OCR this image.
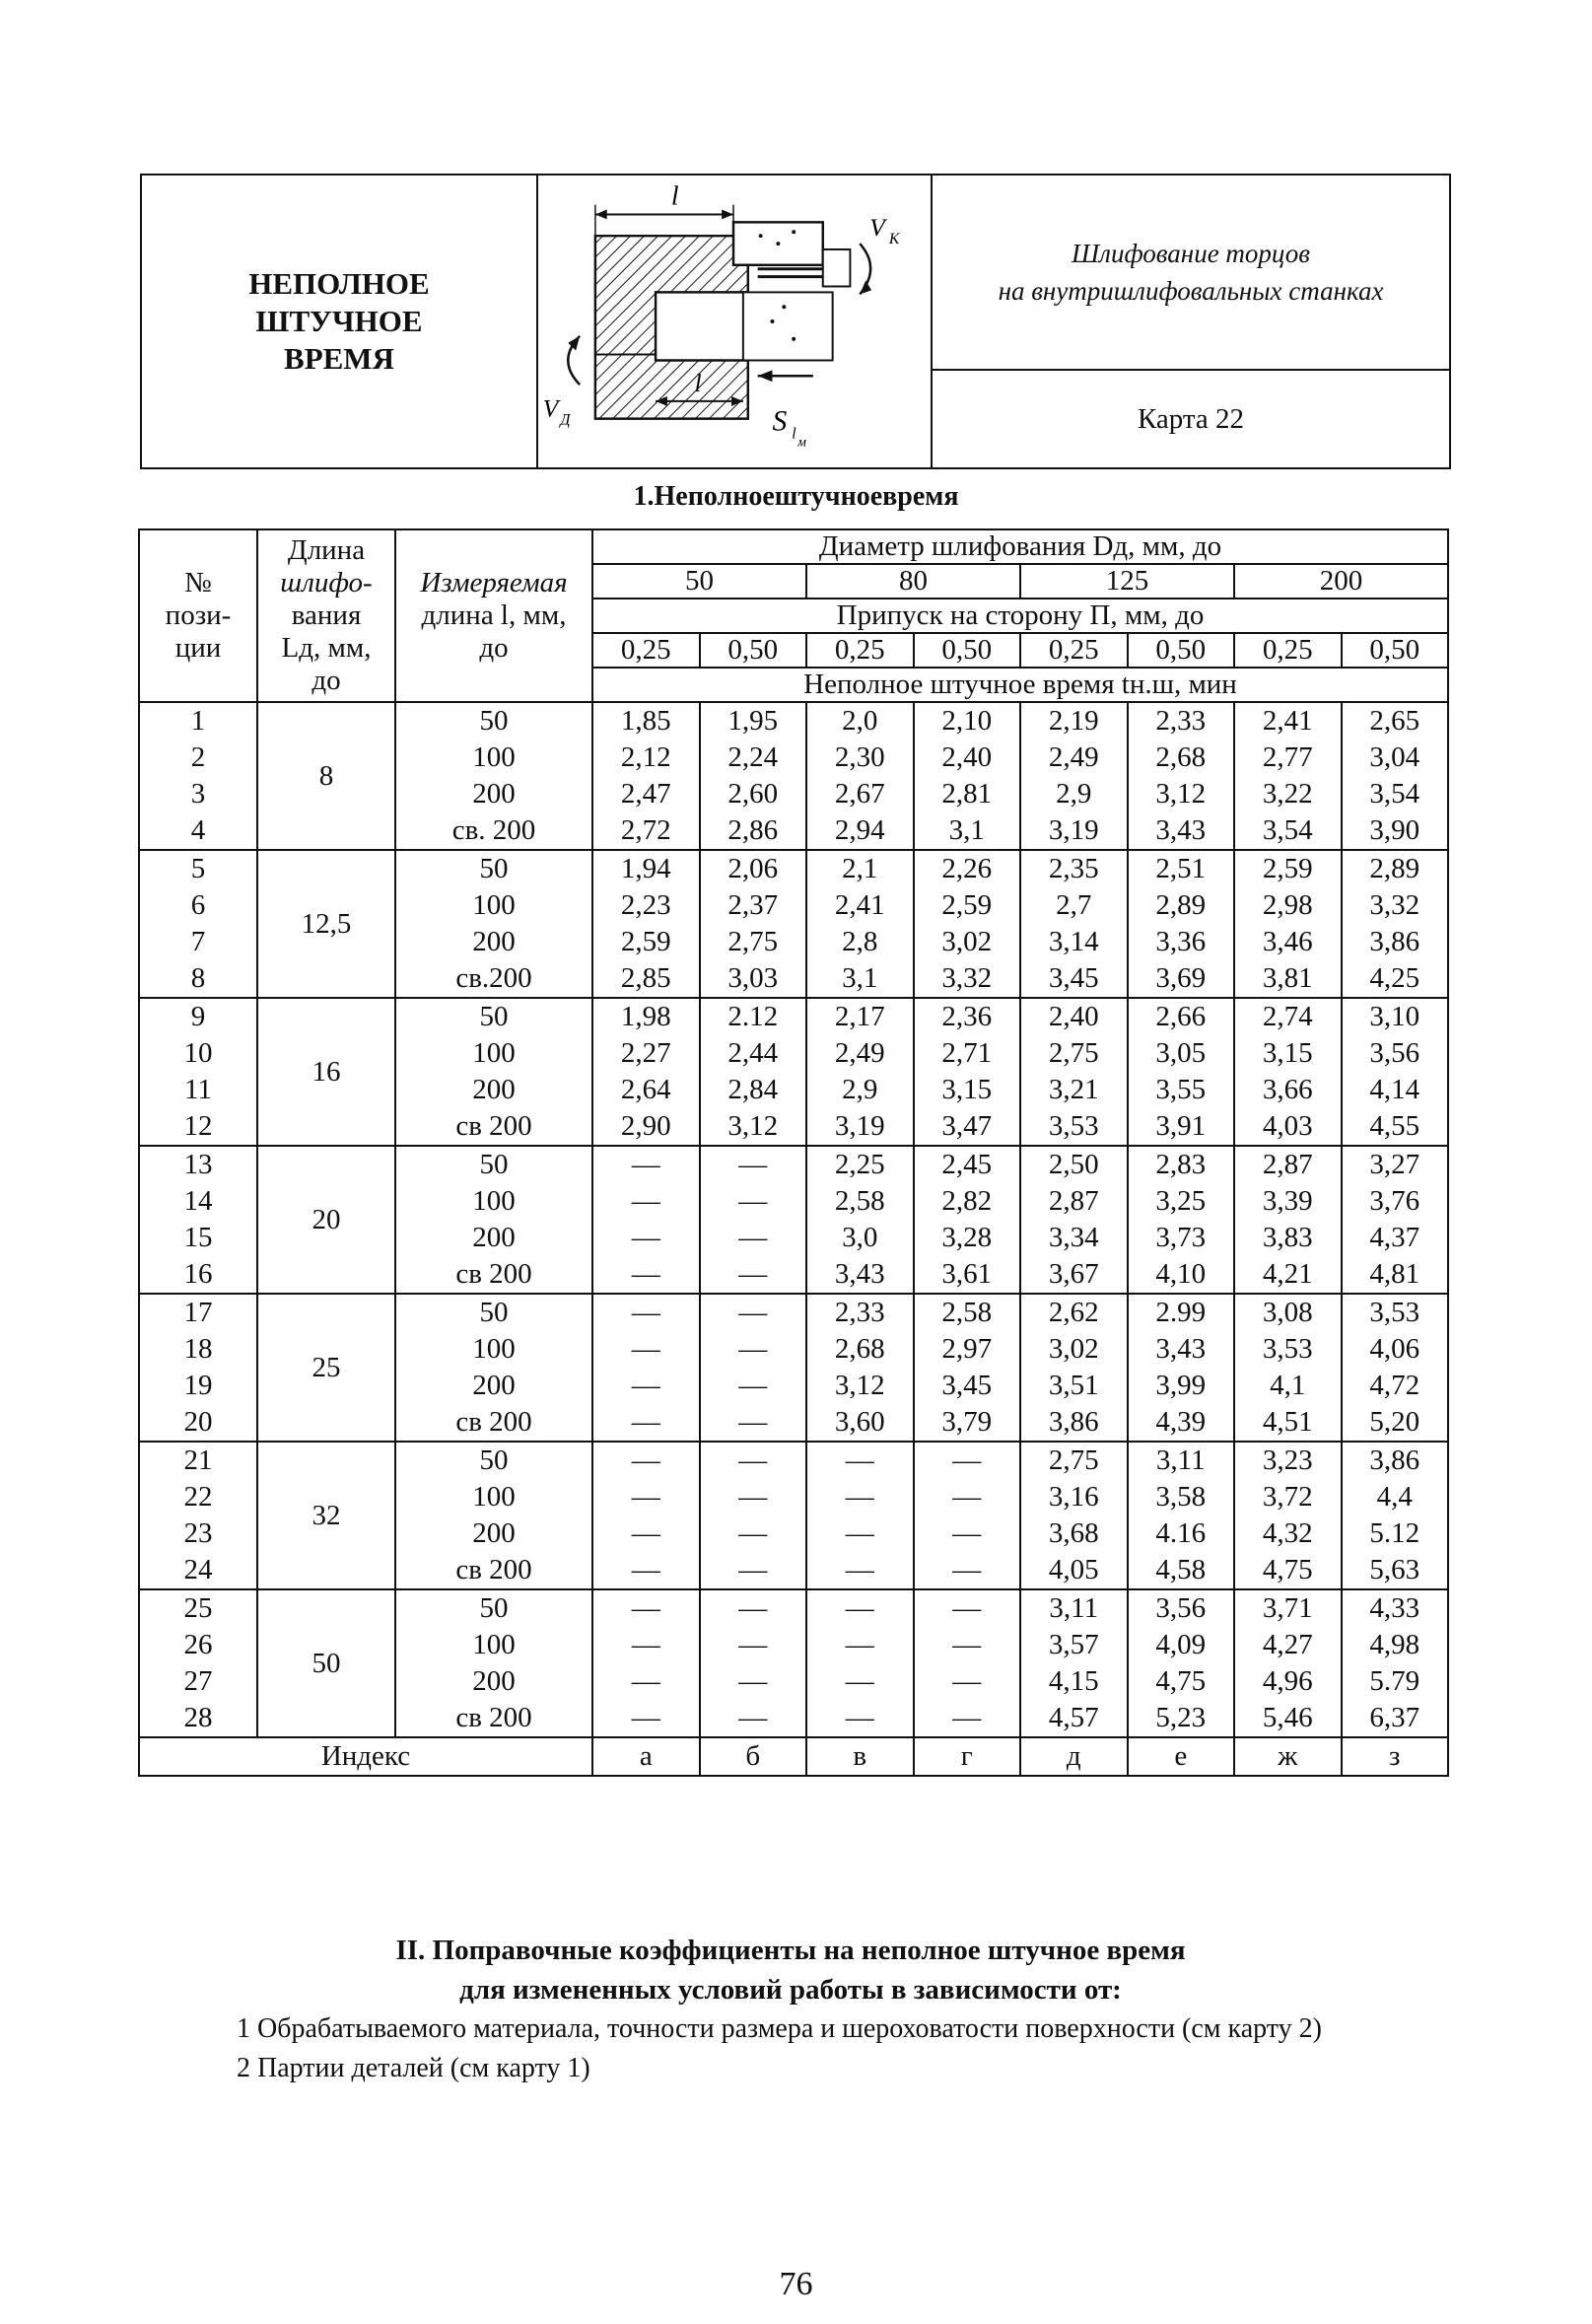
НЕПОЛНОЕ
ШТУЧНОЕ
ВРЕМЯ
l
l
V К
V Д	S l м
Шлифование торцов
на внутришлифовальных станках
Карта 22
1.Неполноештучноевремя
№
пози-
ции	Длина
шлифо-
вания
Lд, мм,
до	Измеряемая
длина l, мм,
до	Диаметр шлифования Dд, мм, до							
			50		80		125		200	
			Припуск на сторону П, мм, до							
			0,25	0,50	0,25	0,50	0,25	0,50	0,25	0,50
			Неполное штучное время tн.ш, мин							
1	8	50	1,85	1,95	2,0	2,10	2,19	2,33	2,41	2,65
2		100	2,12	2,24	2,30	2,40	2,49	2,68	2,77	3,04
3		200	2,47	2,60	2,67	2,81	2,9	3,12	3,22	3,54
4		св. 200	2,72	2,86	2,94	3,1	3,19	3,43	3,54	3,90
5	12,5	50	1,94	2,06	2,1	2,26	2,35	2,51	2,59	2,89
6		100	2,23	2,37	2,41	2,59	2,7	2,89	2,98	3,32
7		200	2,59	2,75	2,8	3,02	3,14	3,36	3,46	3,86
8		св.200	2,85	3,03	3,1	3,32	3,45	3,69	3,81	4,25
9	16	50	1,98	2.12	2,17	2,36	2,40	2,66	2,74	3,10
10		100	2,27	2,44	2,49	2,71	2,75	3,05	3,15	3,56
11		200	2,64	2,84	2,9	3,15	3,21	3,55	3,66	4,14
12		св 200	2,90	3,12	3,19	3,47	3,53	3,91	4,03	4,55
13	20	50	—	—	2,25	2,45	2,50	2,83	2,87	3,27
14		100	—	—	2,58	2,82	2,87	3,25	3,39	3,76
15		200	—	—	3,0	3,28	3,34	3,73	3,83	4,37
16		св 200	—	—	3,43	3,61	3,67	4,10	4,21	4,81
17	25	50	—	—	2,33	2,58	2,62	2.99	3,08	3,53
18		100	—	—	2,68	2,97	3,02	3,43	3,53	4,06
19		200	—	—	3,12	3,45	3,51	3,99	4,1	4,72
20		св 200	—	—	3,60	3,79	3,86	4,39	4,51	5,20
21	32	50	—	—	—	—	2,75	3,11	3,23	3,86
22		100	—	—	—	—	3,16	3,58	3,72	4,4
23		200	—	—	—	—	3,68	4.16	4,32	5.12
24		св 200	—	—	—	—	4,05	4,58	4,75	5,63
25	50	50	—	—	—	—	3,11	3,56	3,71	4,33
26		100	—	—	—	—	3,57	4,09	4,27	4,98
27		200	—	—	—	—	4,15	4,75	4,96	5.79
28		св 200	—	—	—	—	4,57	5,23	5,46	6,37
Индекс			а	б	в	г	д	е	ж	з
II. Поправочные коэффициенты на неполное штучное время
для измененных условий работы в зависимости от:
1 Обрабатываемого материала, точности размера и шероховатости поверхности (см карту 2)
2 Партии деталей (см карту 1)
76
